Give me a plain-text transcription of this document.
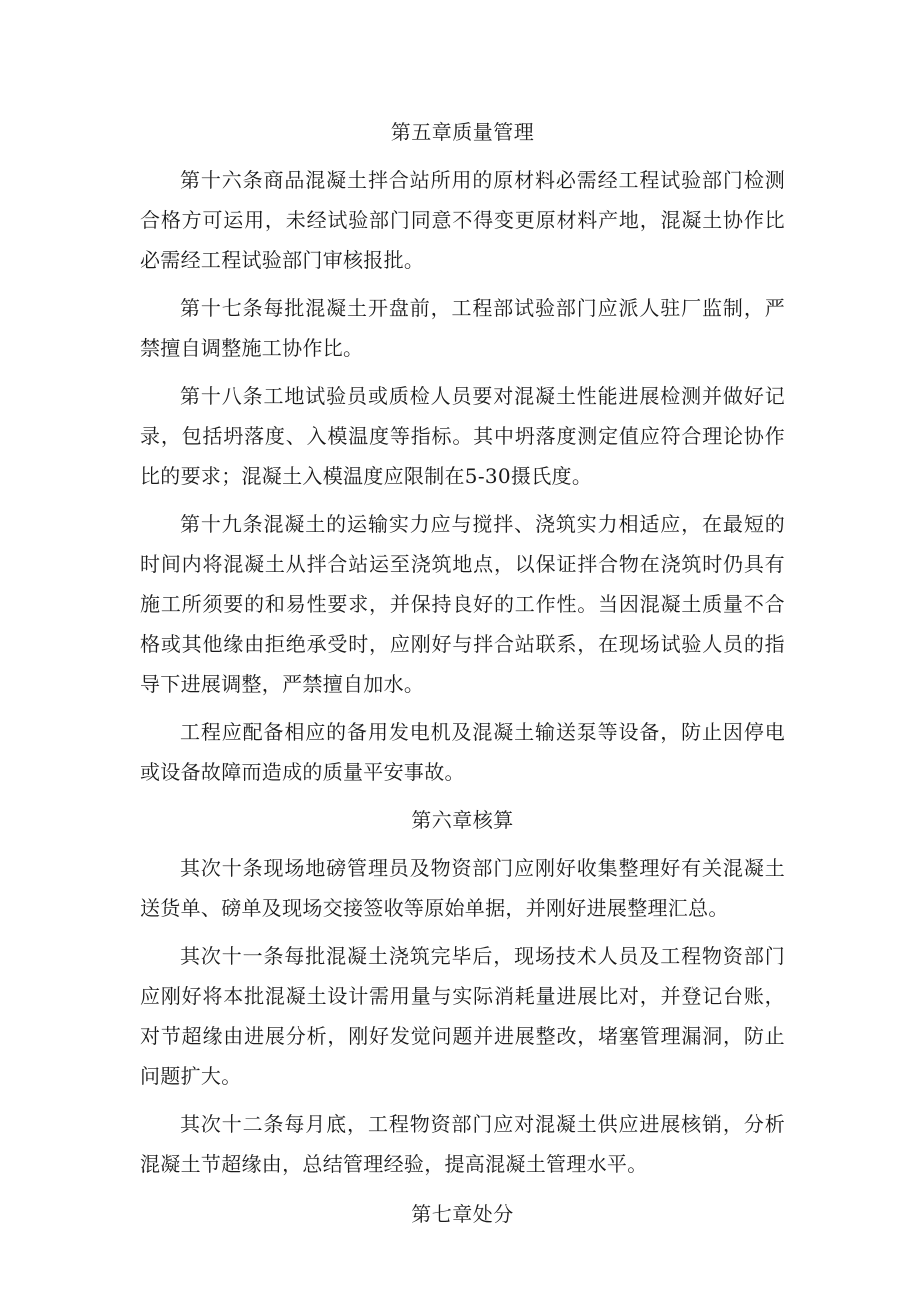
第五章质量管理

第十六条商品混凝土拌合站所用的原材料必需经工程试验部门检测合格方可运用，未经试验部门同意不得变更原材料产地，混凝土协作比必需经工程试验部门审核报批。

第十七条每批混凝土开盘前，工程部试验部门应派人驻厂监制，严禁擅自调整施工协作比。

第十八条工地试验员或质检人员要对混凝土性能进展检测并做好记录，包括坍落度、入模温度等指标。其中坍落度测定值应符合理论协作比的要求；混凝土入模温度应限制在5-30摄氏度。

第十九条混凝土的运输实力应与搅拌、浇筑实力相适应，在最短的时间内将混凝土从拌合站运至浇筑地点，以保证拌合物在浇筑时仍具有施工所须要的和易性要求，并保持良好的工作性。当因混凝土质量不合格或其他缘由拒绝承受时，应刚好与拌合站联系，在现场试验人员的指导下进展调整，严禁擅自加水。

工程应配备相应的备用发电机及混凝土输送泵等设备，防止因停电或设备故障而造成的质量平安事故。

第六章核算

其次十条现场地磅管理员及物资部门应刚好收集整理好有关混凝土送货单、磅单及现场交接签收等原始单据，并刚好进展整理汇总。

其次十一条每批混凝土浇筑完毕后，现场技术人员及工程物资部门应刚好将本批混凝土设计需用量与实际消耗量进展比对，并登记台账，对节超缘由进展分析，刚好发觉问题并进展整改，堵塞管理漏洞，防止问题扩大。

其次十二条每月底，工程物资部门应对混凝土供应进展核销，分析混凝土节超缘由，总结管理经验，提高混凝土管理水平。

第七章处分
